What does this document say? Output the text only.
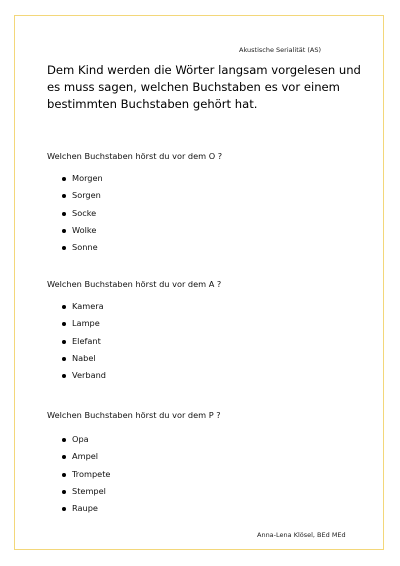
Akustische Serialität (AS)

Dem Kind werden die Wörter langsam vorgelesen und es muss sagen, welchen Buchstaben es vor einem bestimmten Buchstaben gehört hat.

Welchen Buchstaben hörst du vor dem O ?

Morgen
Sorgen
Socke
Wolke
Sonne

Welchen Buchstaben hörst du vor dem A ?

Kamera
Lampe
Elefant
Nabel
Verband

Welchen Buchstaben hörst du vor dem P ?

Opa
Ampel
Trompete
Stempel
Raupe
Anna-Lena Klösel, BEd MEd
